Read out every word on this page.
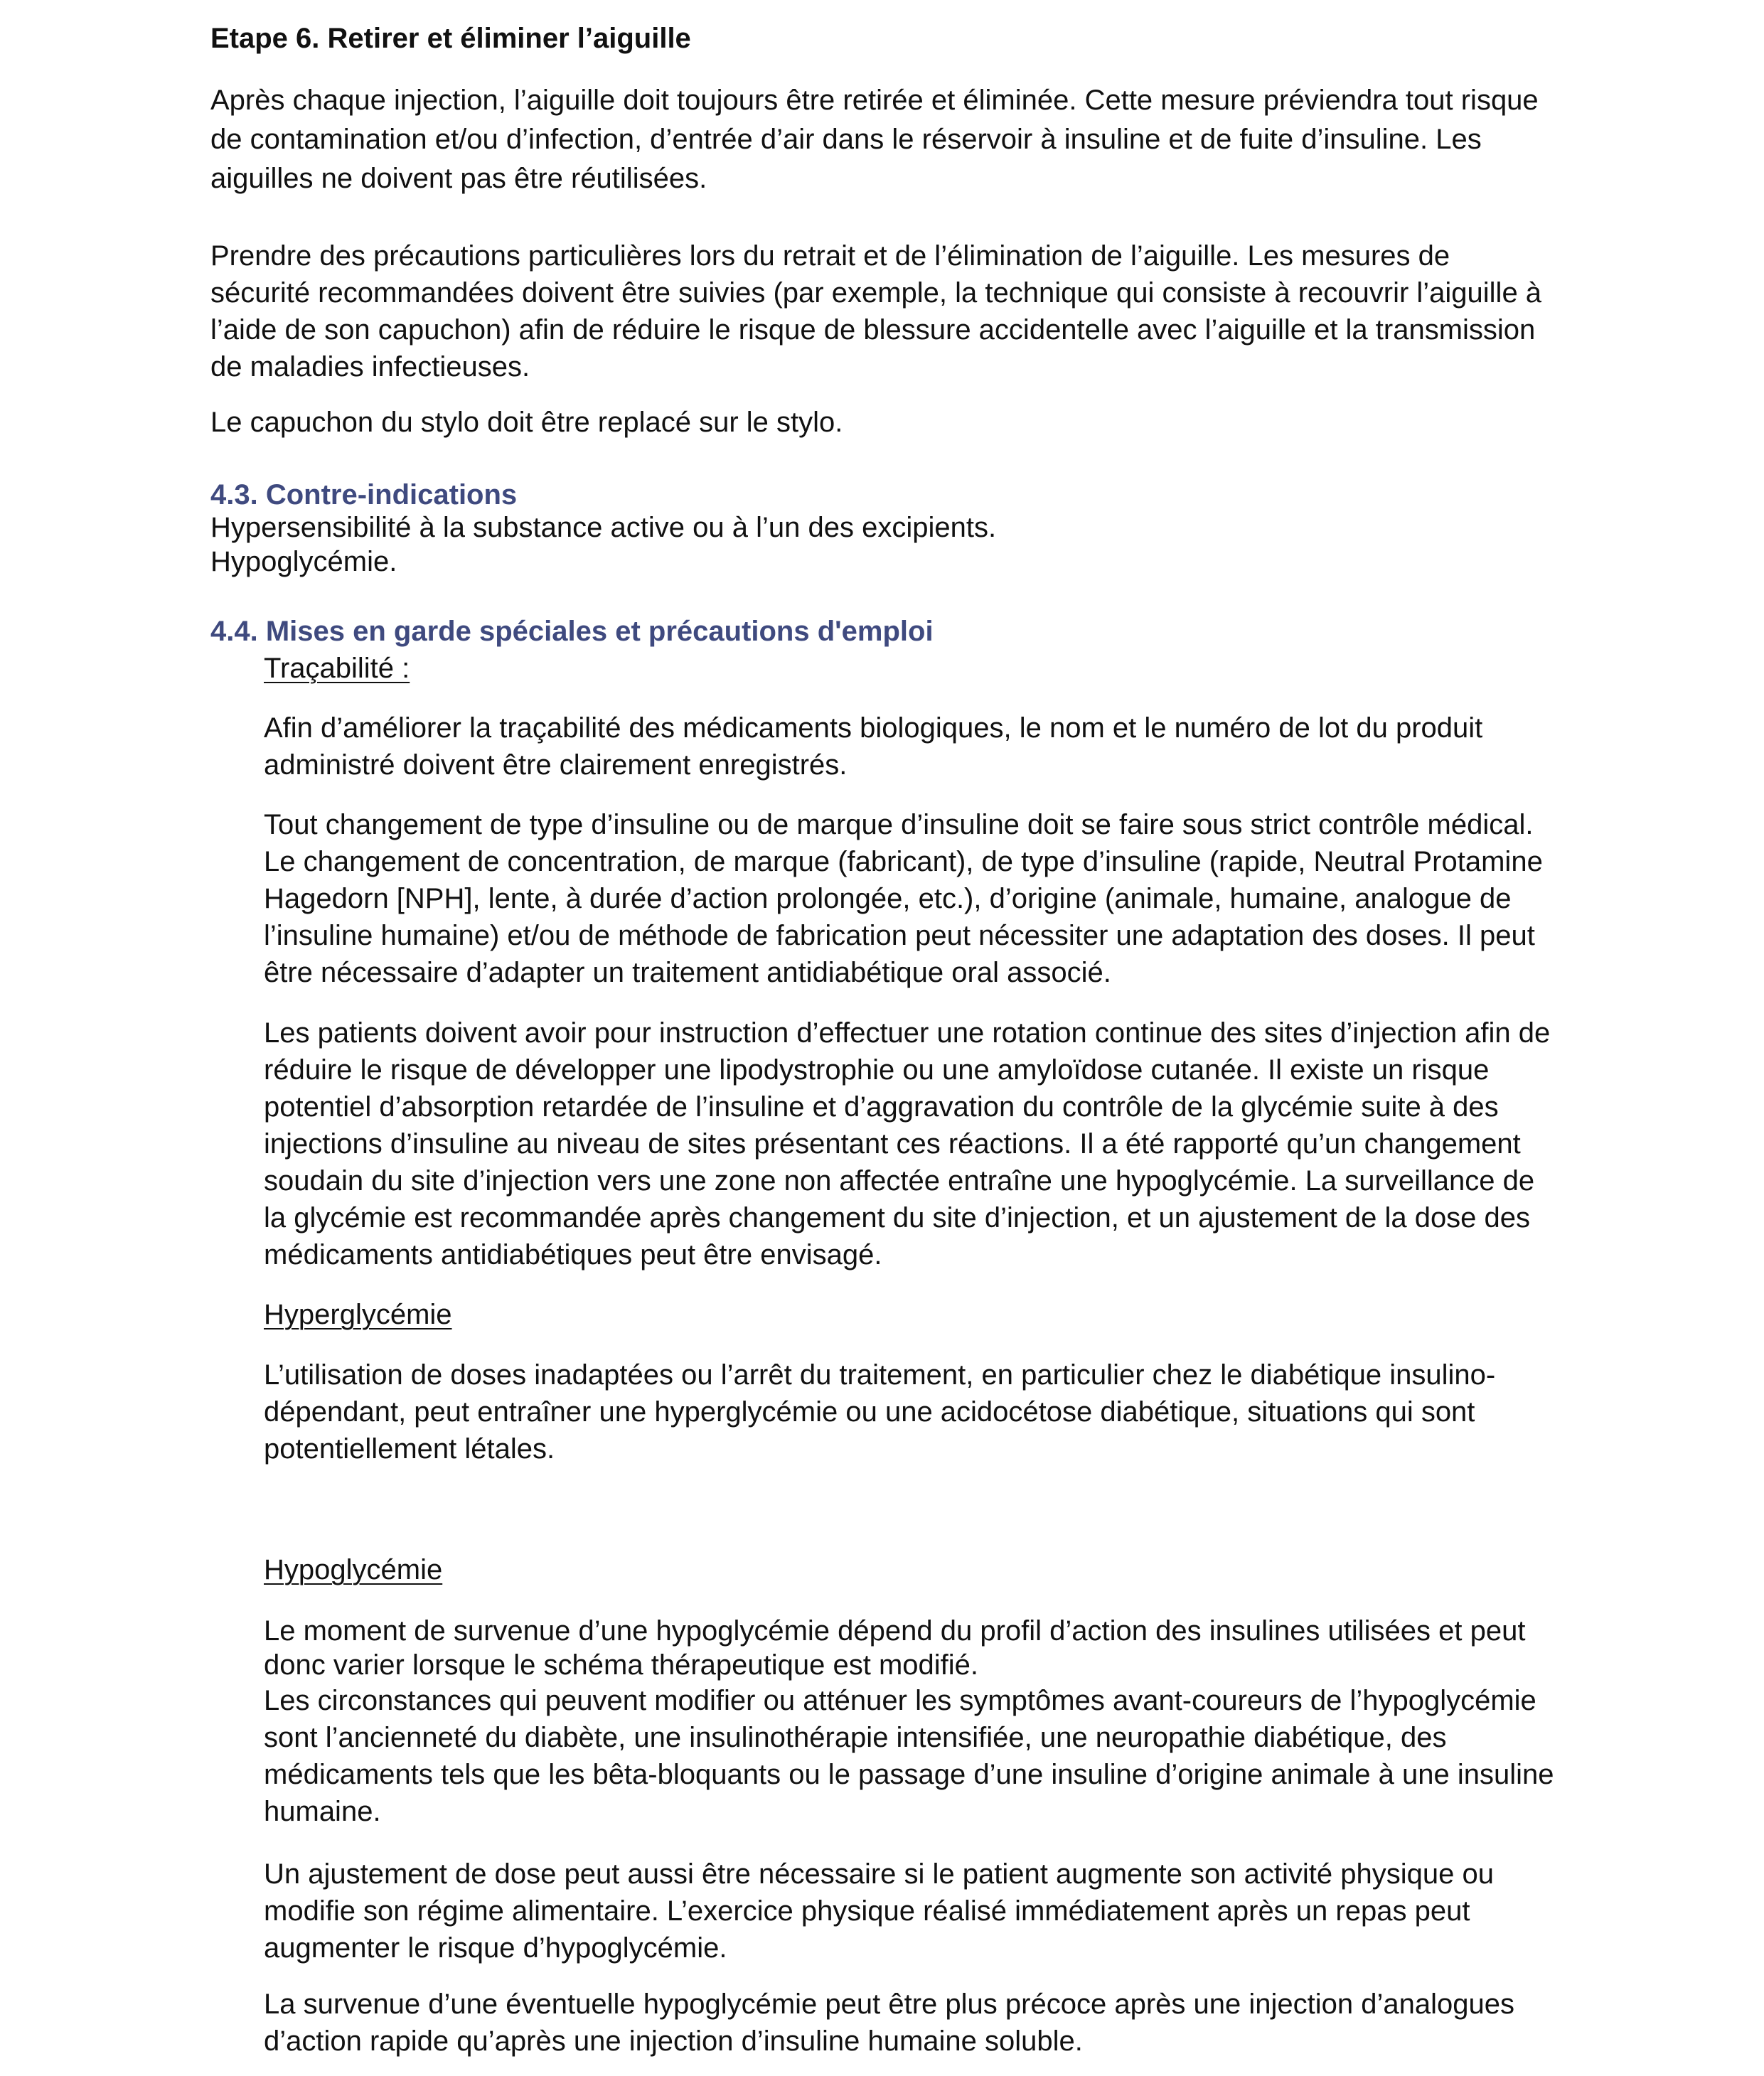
Etape 6. Retirer et éliminer l’aiguille

Après chaque injection, l’aiguille doit toujours être retirée et éliminée. Cette mesure préviendra tout risque de contamination et/ou d’infection, d’entrée d’air dans le réservoir à insuline et de fuite d’insuline. Les aiguilles ne doivent pas être réutilisées.

Prendre des précautions particulières lors du retrait et de l’élimination de l’aiguille. Les mesures de sécurité recommandées doivent être suivies (par exemple, la technique qui consiste à recouvrir l’aiguille à l’aide de son capuchon) afin de réduire le risque de blessure accidentelle avec l’aiguille et la transmission de maladies infectieuses.

Le capuchon du stylo doit être replacé sur le stylo.

4.3. Contre-indications

Hypersensibilité à la substance active ou à l’un des excipients.

Hypoglycémie.

4.4. Mises en garde spéciales et précautions d'emploi

Traçabilité :

Afin d’améliorer la traçabilité des médicaments biologiques, le nom et le numéro de lot du produit administré doivent être clairement enregistrés.

Tout changement de type d’insuline ou de marque d’insuline doit se faire sous strict contrôle médical. Le changement de concentration, de marque (fabricant), de type d’insuline (rapide, Neutral Protamine Hagedorn [NPH], lente, à durée d’action prolongée, etc.), d’origine (animale, humaine, analogue de l’insuline humaine) et/ou de méthode de fabrication peut nécessiter une adaptation des doses. Il peut être nécessaire d’adapter un traitement antidiabétique oral associé.

Les patients doivent avoir pour instruction d’effectuer une rotation continue des sites d’injection afin de réduire le risque de développer une lipodystrophie ou une amyloïdose cutanée. Il existe un risque potentiel d’absorption retardée de l’insuline et d’aggravation du contrôle de la glycémie suite à des injections d’insuline au niveau de sites présentant ces réactions. Il a été rapporté qu’un changement soudain du site d’injection vers une zone non affectée entraîne une hypoglycémie. La surveillance de la glycémie est recommandée après changement du site d’injection, et un ajustement de la dose des médicaments antidiabétiques peut être envisagé.

Hyperglycémie

L’utilisation de doses inadaptées ou l’arrêt du traitement, en particulier chez le diabétique insulino-dépendant, peut entraîner une hyperglycémie ou une acidocétose diabétique, situations qui sont potentiellement létales.

Hypoglycémie

Le moment de survenue d’une hypoglycémie dépend du profil d’action des insulines utilisées et peut donc varier lorsque le schéma thérapeutique est modifié.

Les circonstances qui peuvent modifier ou atténuer les symptômes avant-coureurs de l’hypoglycémie sont l’ancienneté du diabète, une insulinothérapie intensifiée, une neuropathie diabétique, des médicaments tels que les bêta-bloquants ou le passage d’une insuline d’origine animale à une insuline humaine.

Un ajustement de dose peut aussi être nécessaire si le patient augmente son activité physique ou modifie son régime alimentaire. L’exercice physique réalisé immédiatement après un repas peut augmenter le risque d’hypoglycémie.

La survenue d’une éventuelle hypoglycémie peut être plus précoce après une injection d’analogues d’action rapide qu’après une injection d’insuline humaine soluble.
